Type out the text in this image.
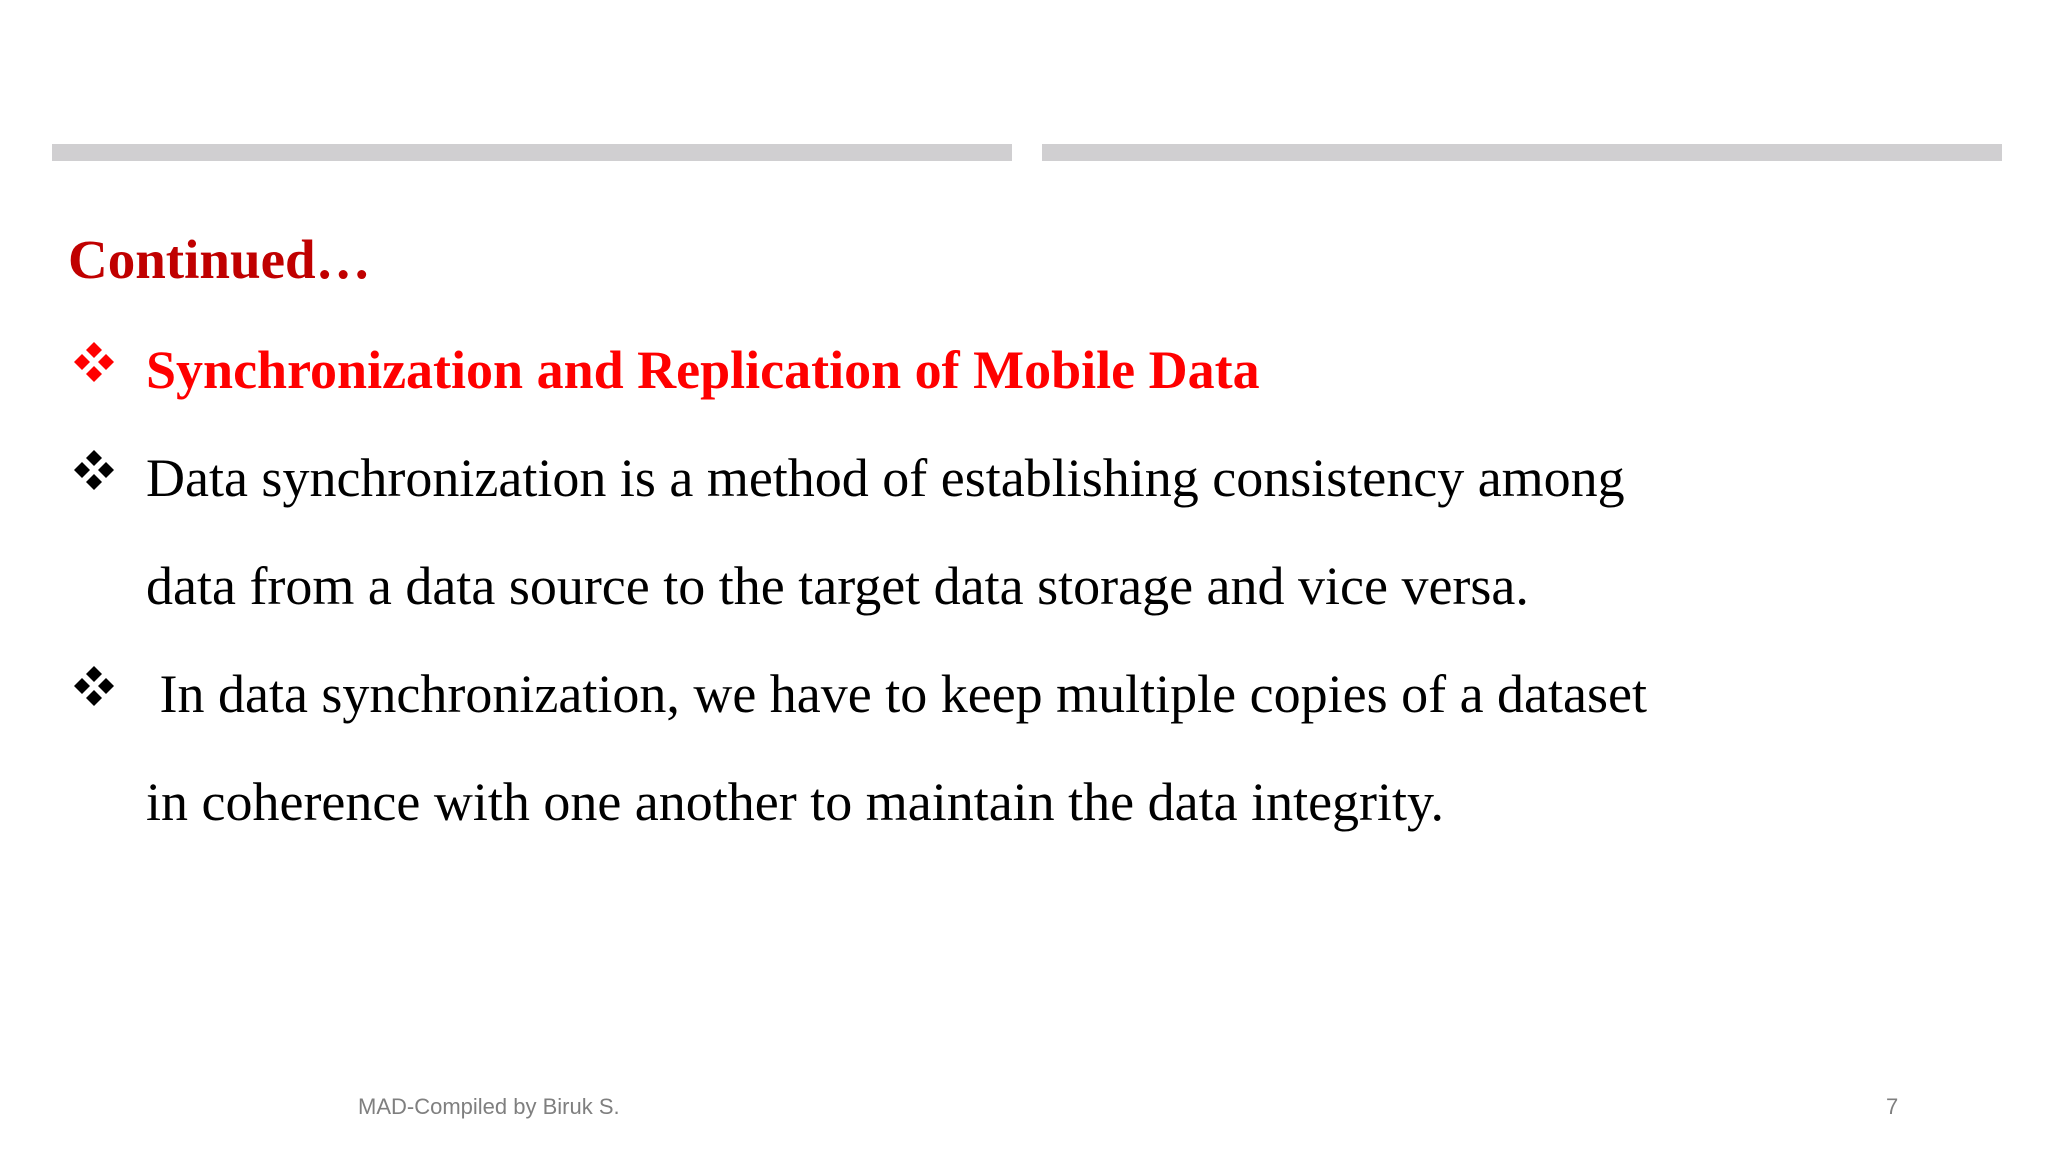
Continued…
Synchronization and Replication of Mobile Data
Data synchronization is a method of establishing consistency among
data from a data source to the target data storage and vice versa.
In data synchronization, we have to keep multiple copies of a dataset
in coherence with one another to maintain the data integrity.
MAD-Compiled by Biruk S.	7
